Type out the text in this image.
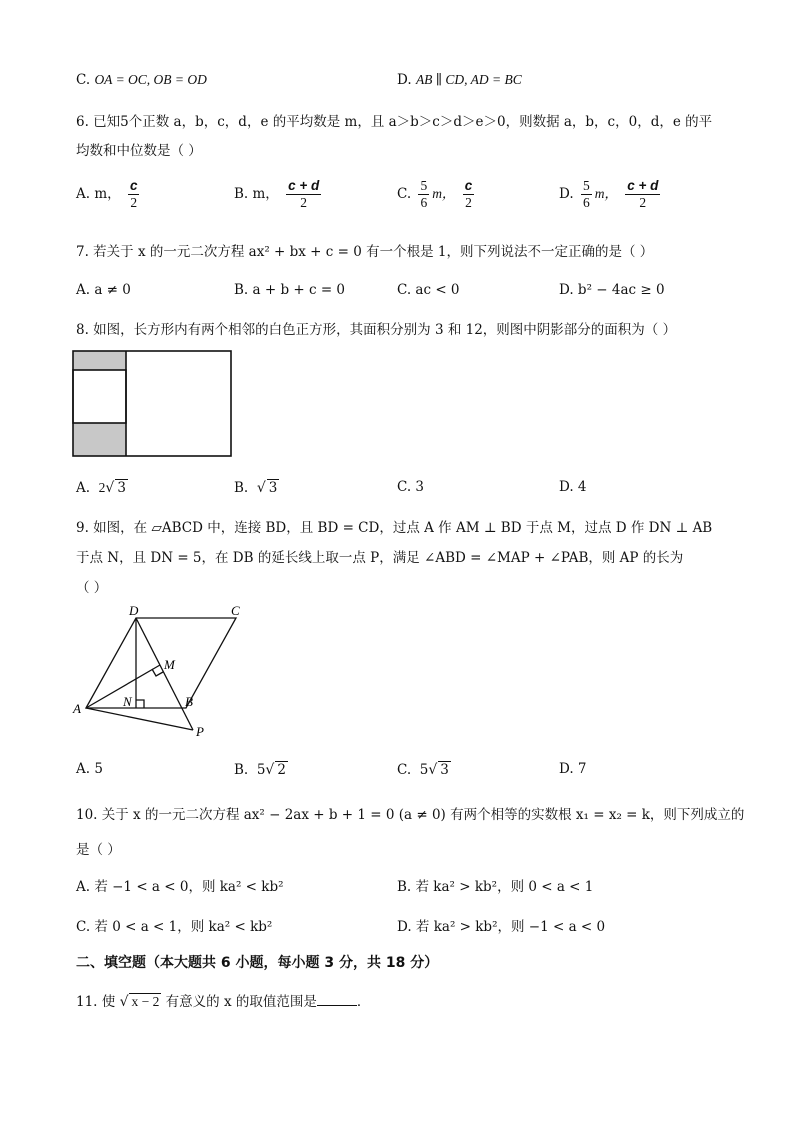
C. OA = OC, OB = OD	D. AB ∥ CD, AD = BC
6. 已知5个正数 a，b，c，d，e 的平均数是 m，且 a＞b＞c＞d＞e＞0，则数据 a，b，c，0，d，e 的平
均数和中位数是（ ）
A. m， $\frac{c}{2}$	B. m， $\frac{c + d}{2}$	C. $\frac{5}{6}$ m， $\frac{c}{2}$	D. $\frac{5}{6}$ m， $\frac{c + d}{2}$
7. 若关于 x 的一元二次方程 ax² + bx + c = 0 有一个根是 1，则下列说法不一定正确的是（ ）
A. a ≠ 0	B. a + b + c = 0	C. ac < 0	D. b² − 4ac ≥ 0
8. 如图，长方形内有两个相邻的白色正方形，其面积分别为 3 和 12，则图中阴影部分的面积为（ ）
A. 2√ 3	B. √ 3	C. 3	D. 4
9. 如图，在 ▱ABCD 中，连接 BD，且 BD = CD，过点 A 作 AM ⊥ BD 于点 M，过点 D 作 DN ⊥ AB
于点 N，且 DN = 5，在 DB 的延长线上取一点 P，满足 ∠ABD = ∠MAP + ∠PAB，则 AP 的长为
（ ）
D	C
M
A	N	B
P
A. 5	B. 5√ 2	C. 5√ 3	D. 7
10. 关于 x 的一元二次方程 ax² − 2ax + b + 1 = 0 (a ≠ 0) 有两个相等的实数根 x₁ = x₂ = k，则下列成立的
是（ ）
A. 若 −1 < a < 0，则 ka² < kb²	B. 若 ka² > kb²，则 0 < a < 1
C. 若 0 < a < 1，则 ka² < kb²	D. 若 ka² > kb²，则 −1 < a < 0
二、填空题（本大题共 6 小题，每小题 3 分，共 18 分）
11. 使 √ x − 2 有意义的 x 的取值范围是	．
